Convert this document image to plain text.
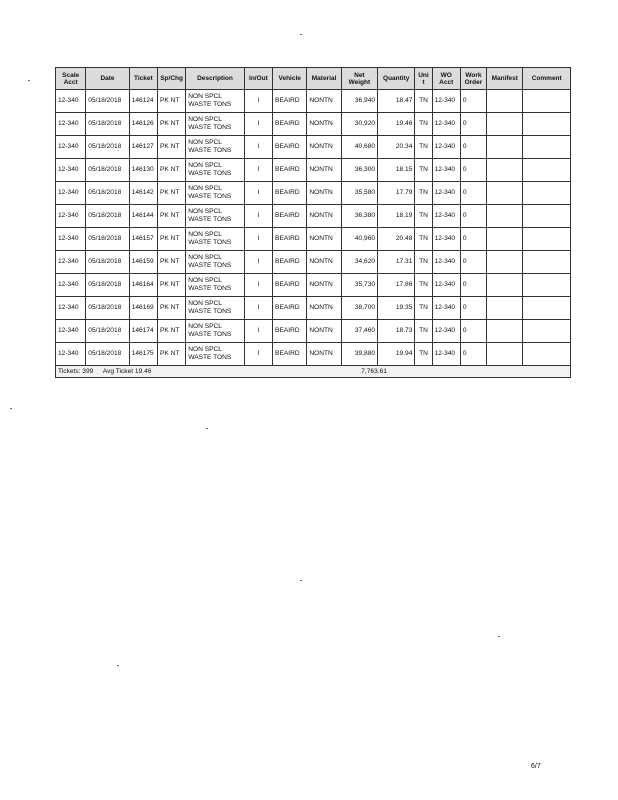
Scale Acct	Date	Ticket	Sp/Chg	Description	In/Out	Vehicle	Material	Net Weight	Quantity	Unit	WO Acct	Work Order	Manifest	Comment
12-340	05/18/2018	146124	PK NT	NON SPCL WASTE TONS	I	BEAIRD	NONTN	36,940	18.47	TN	12-340	0		
12-340	05/18/2018	146126	PK NT	NON SPCL WASTE TONS	I	BEAIRD	NONTN	30,920	19.46	TN	12-340	0		
12-340	05/18/2018	146127	PK NT	NON SPCL WASTE TONS	I	BEAIRD	NONTN	40,680	20.34	TN	12-340	0		
12-340	05/18/2018	146130	PK NT	NON SPCL WASTE TONS	I	BEAIRD	NONTN	36,300	18.15	TN	12-340	0		
12-340	05/18/2018	146142	PK NT	NON SPCL WASTE TONS	I	BEAIRD	NONTN	35,580	17.79	TN	12-340	0		
12-340	05/18/2018	146144	PK NT	NON SPCL WASTE TONS	I	BEAIRD	NONTN	36,380	18.19	TN	12-340	0		
12-340	05/18/2018	146157	PK NT	NON SPCL WASTE TONS	I	BEAIRD	NONTN	40,960	20.48	TN	12-340	0		
12-340	05/18/2018	146159	PK NT	NON SPCL WASTE TONS	I	BEAIRD	NONTN	34,620	17.31	TN	12-340	0		
12-340	05/18/2018	146164	PK NT	NON SPCL WASTE TONS	I	BEAIRD	NONTN	35,730	17.86	TN	12-340	0		
12-340	05/18/2018	146169	PK NT	NON SPCL WASTE TONS	I	BEAIRD	NONTN	38,700	19.35	TN	12-340	0		
12-340	05/18/2018	146174	PK NT	NON SPCL WASTE TONS	I	BEAIRD	NONTN	37,460	18.73	TN	12-340	0		
12-340	05/18/2018	146175	PK NT	NON SPCL WASTE TONS	I	BEAIRD	NONTN	39,880	19.94	TN	12-340	0		
Tickets: 399 Avg Ticket 19.46 7,763.61														
6/7
